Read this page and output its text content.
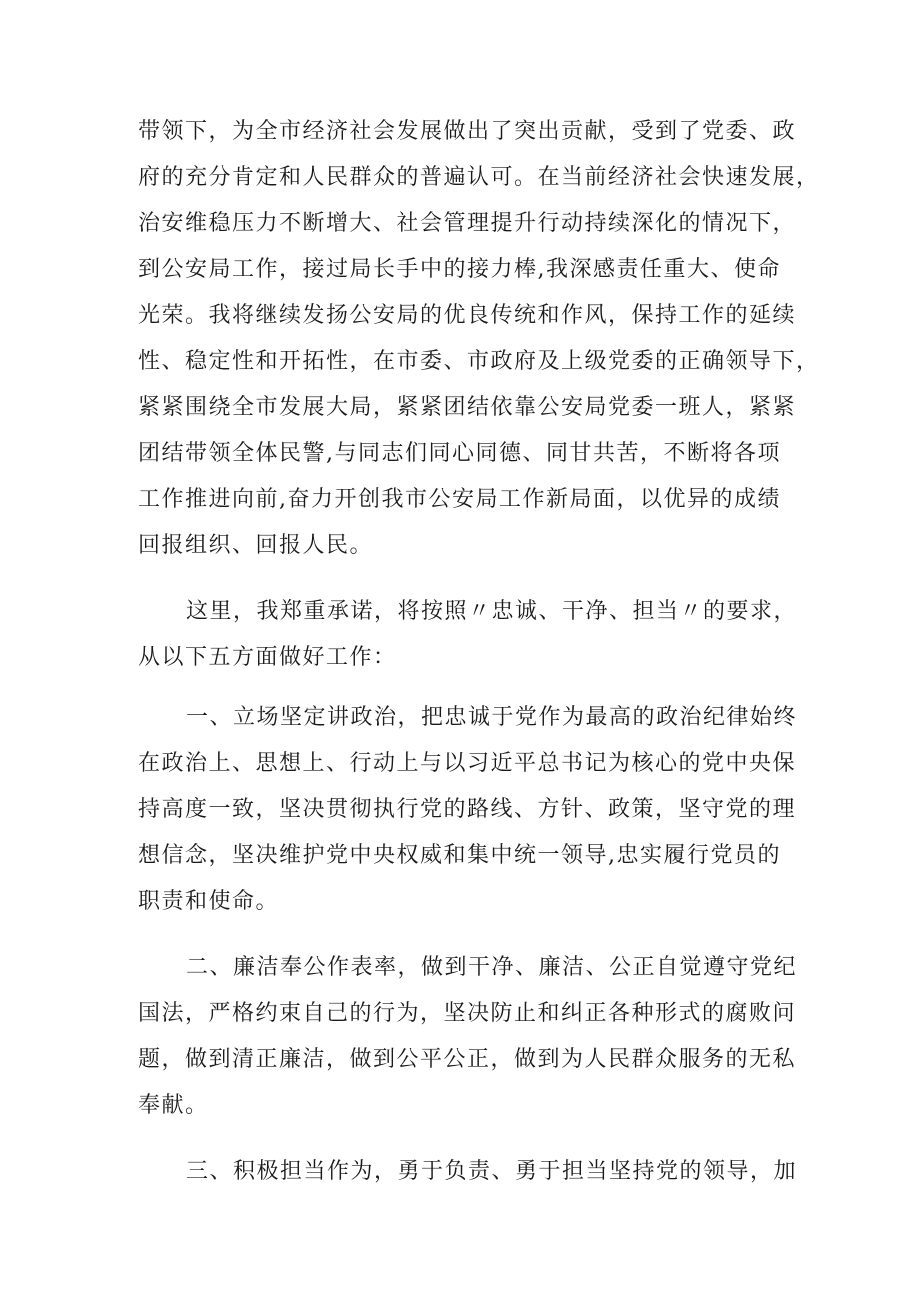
带领下，为全市经济社会发展做出了突出贡献，受到了党委、政
府的充分肯定和人民群众的普遍认可。在当前经济社会快速发展，
治安维稳压力不断增大、社会管理提升行动持续深化的情况下，
到公安局工作，接过局长手中的接力棒,我深感责任重大、使命
光荣。我将继续发扬公安局的优良传统和作风，保持工作的延续
性、稳定性和开拓性，在市委、市政府及上级党委的正确领导下，
紧紧围绕全市发展大局，紧紧团结依靠公安局党委一班人，紧紧
团结带领全体民警,与同志们同心同德、同甘共苦，不断将各项
工作推进向前,奋力开创我市公安局工作新局面，以优异的成绩
回报组织、回报人民。
这里，我郑重承诺，将按照〃忠诚、干净、担当〃的要求，
从以下五方面做好工作：
一、立场坚定讲政治，把忠诚于党作为最高的政治纪律始终
在政治上、思想上、行动上与以习近平总书记为核心的党中央保
持高度一致，坚决贯彻执行党的路线、方针、政策，坚守党的理
想信念，坚决维护党中央权威和集中统一领导,忠实履行党员的
职责和使命。
二、廉洁奉公作表率，做到干净、廉洁、公正自觉遵守党纪
国法，严格约束自己的行为，坚决防止和纠正各种形式的腐败问
题，做到清正廉洁，做到公平公正，做到为人民群众服务的无私
奉献。
三、积极担当作为，勇于负责、勇于担当坚持党的领导，加
